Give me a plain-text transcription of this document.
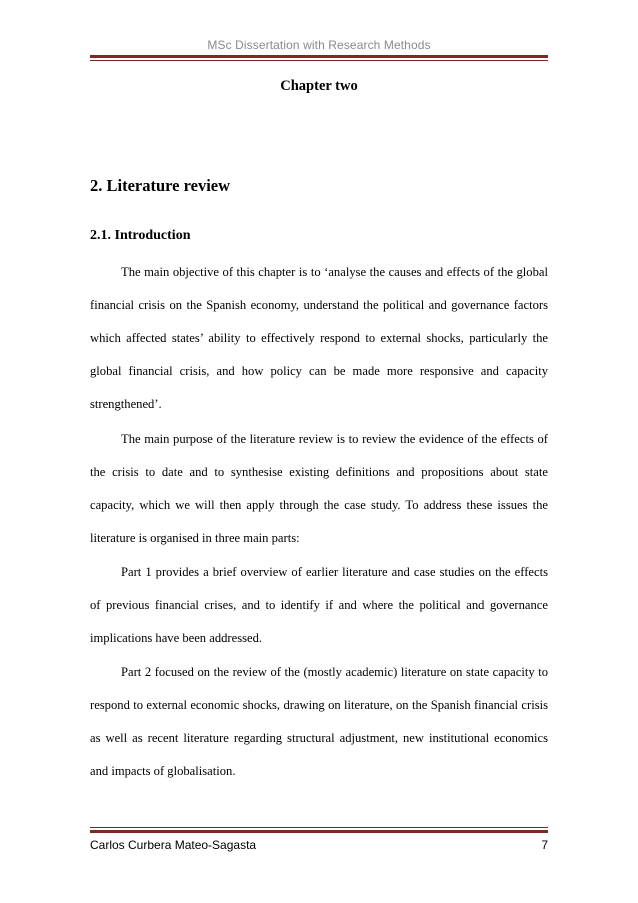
MSc Dissertation with Research Methods
Chapter two
2. Literature review
2.1. Introduction

The main objective of this chapter is to ‘analyse the causes and effects of the global financial crisis on the Spanish economy, understand the political and governance factors which affected states’ ability to effectively respond to external shocks, particularly the global financial crisis, and how policy can be made more responsive and capacity strengthened’.

The main purpose of the literature review is to review the evidence of the effects of the crisis to date and to synthesise existing definitions and propositions about state capacity, which we will then apply through the case study. To address these issues the literature is organised in three main parts:

Part 1 provides a brief overview of earlier literature and case studies on the effects of previous financial crises, and to identify if and where the political and governance implications have been addressed.

Part 2 focused on the review of the (mostly academic) literature on state capacity to respond to external economic shocks, drawing on literature, on the Spanish financial crisis as well as recent literature regarding structural adjustment, new institutional economics and impacts of globalisation.

Carlos Curbera Mateo-Sagasta	7
